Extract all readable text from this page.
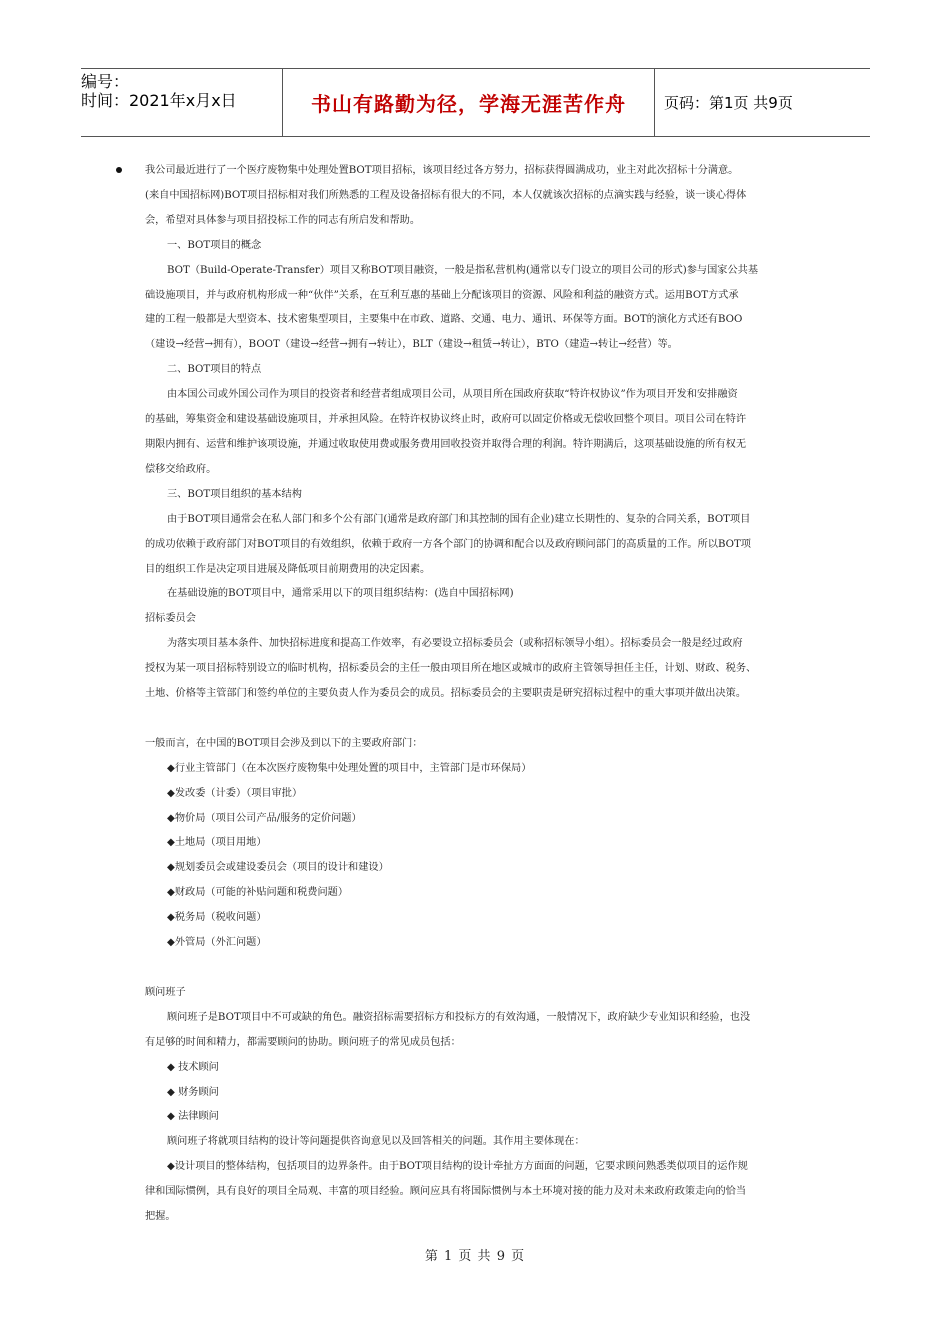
编号：
时间：2021年x月x日	书山有路勤为径，学海无涯苦作舟	页码：第1页 共9页

我公司最近进行了一个医疗废物集中处理处置BOT项目招标，该项目经过各方努力，招标获得圆满成功，业主对此次招标十分满意。

(来自中国招标网)BOT项目招标相对我们所熟悉的工程及设备招标有很大的不同，本人仅就该次招标的点滴实践与经验，谈一谈心得体

会，希望对具体参与项目招投标工作的同志有所启发和帮助。

一、BOT项目的概念

BOT（Build-Operate-Transfer）项目又称BOT项目融资，一般是指私营机构(通常以专门设立的项目公司的形式)参与国家公共基

础设施项目，并与政府机构形成一种“伙伴”关系，在互利互惠的基础上分配该项目的资源、风险和利益的融资方式。运用BOT方式承

建的工程一般都是大型资本、技术密集型项目，主要集中在市政、道路、交通、电力、通讯、环保等方面。BOT的演化方式还有BOO

（建设→经营→拥有），BOOT（建设→经营→拥有→转让），BLT（建设→租赁→转让），BTO（建造→转让→经营）等。

二、BOT项目的特点

由本国公司或外国公司作为项目的投资者和经营者组成项目公司，从项目所在国政府获取“特许权协议”作为项目开发和安排融资

的基础，筹集资金和建设基础设施项目，并承担风险。在特许权协议终止时，政府可以固定价格或无偿收回整个项目。项目公司在特许

期限内拥有、运营和维护该项设施，并通过收取使用费或服务费用回收投资并取得合理的利润。特许期满后，这项基础设施的所有权无

偿移交给政府。

三、BOT项目组织的基本结构

由于BOT项目通常会在私人部门和多个公有部门(通常是政府部门和其控制的国有企业)建立长期性的、复杂的合同关系，BOT项目

的成功依赖于政府部门对BOT项目的有效组织，依赖于政府一方各个部门的协调和配合以及政府顾问部门的高质量的工作。所以BOT项

目的组织工作是决定项目进展及降低项目前期费用的决定因素。

在基础设施的BOT项目中，通常采用以下的项目组织结构：(选自中国招标网)

招标委员会

为落实项目基本条件、加快招标进度和提高工作效率，有必要设立招标委员会（或称招标领导小组）。招标委员会一般是经过政府

授权为某一项目招标特别设立的临时机构，招标委员会的主任一般由项目所在地区或城市的政府主管领导担任主任，计划、财政、税务、

土地、价格等主管部门和签约单位的主要负责人作为委员会的成员。招标委员会的主要职责是研究招标过程中的重大事项并做出决策。

一般而言，在中国的BOT项目会涉及到以下的主要政府部门：

◆行业主管部门（在本次医疗废物集中处理处置的项目中，主管部门是市环保局）

◆发改委（计委）（项目审批）

◆物价局（项目公司产品/服务的定价问题）

◆土地局（项目用地）

◆规划委员会或建设委员会（项目的设计和建设）

◆财政局（可能的补贴问题和税费问题）

◆税务局（税收问题）

◆外管局（外汇问题）

顾问班子

顾问班子是BOT项目中不可或缺的角色。融资招标需要招标方和投标方的有效沟通，一般情况下，政府缺少专业知识和经验，也没

有足够的时间和精力，都需要顾问的协助。顾问班子的常见成员包括：

◆ 技术顾问

◆ 财务顾问

◆ 法律顾问

顾问班子将就项目结构的设计等问题提供咨询意见以及回答相关的问题。其作用主要体现在：

◆设计项目的整体结构，包括项目的边界条件。由于BOT项目结构的设计牵扯方方面面的问题，它要求顾问熟悉类似项目的运作规

律和国际惯例，具有良好的项目全局观、丰富的项目经验。顾问应具有将国际惯例与本土环境对接的能力及对未来政府政策走向的恰当

把握。

第 1 页 共 9 页
